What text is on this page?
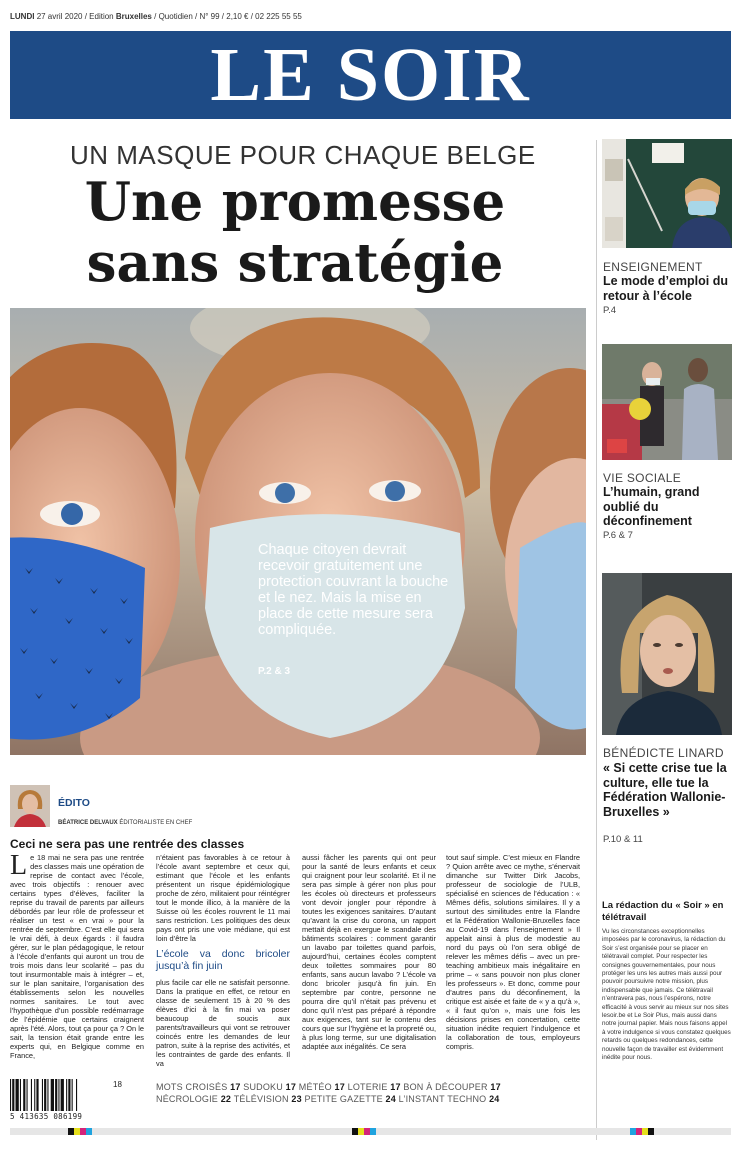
LUNDI 27 avril 2020 / Edition Bruxelles / Quotidien / N° 99 / 2,10 € / 02 225 55 55
LE SOIR
UN MASQUE POUR CHAQUE BELGE
Une promesse
sans stratégie
Chaque citoyen devrait recevoir gratuitement une protection couvrant la bouche et le nez. Mais la mise en place de cette mesure sera compliquée.
P.2 & 3
ENSEIGNEMENT
Le mode d’emploi du retour à l’école
P.4
VIE SOCIALE
L’humain, grand oublié du déconfinement
P.6 & 7
BÉNÉDICTE LINARD
« Si cette crise tue la culture, elle tue la Fédération Wallonie-Bruxelles »
P.10 & 11
La rédaction du « Soir » en télétravail
Vu les circonstances exceptionnelles imposées par le coronavirus, la rédaction du Soir s’est organisée pour se placer en télétravail complet. Pour respecter les consignes gouvernementales, pour nous protéger les uns les autres mais aussi pour pouvoir poursuivre notre mission, plus indispensable que jamais. Ce télétravail n’entravera pas, nous l’espérons, notre efficacité à vous servir au mieux sur nos sites lesoir.be et Le Soir Plus, mais aussi dans notre journal papier. Mais nous faisons appel à votre indulgence si vous constatez quelques retards ou quelques redondances, cette nouvelle façon de travailler est évidemment inédite pour nous.
ÉDITO
BÉATRICE DELVAUX ÉDITORIALISTE EN CHEF
Ceci ne sera pas une rentrée des classes
Le 18 mai ne sera pas une rentrée des classes mais une opération de reprise de contact avec l’école, avec trois objectifs : renouer avec certains types d’élèves, faciliter la reprise du travail de parents par ailleurs débordés par leur rôle de professeur et réaliser un test « en vrai » pour la rentrée de septembre. C’est elle qui sera le vrai défi, à deux égards : il faudra gérer, sur le plan pédagogique, le retour à l’école d’enfants qui auront un trou de trois mois dans leur scolarité – pas du tout insurmontable mais à intégrer – et, sur le plan sanitaire, l’organisation des établissements selon les nouvelles normes sanitaires. Le tout avec l’hypothèque d’un possible redémarrage de l’épidémie que certains craignent après l’été. Alors, tout ça pour ça ? On le sait, la tension était grande entre les experts qui, en Belgique comme en France,
n’étaient pas favorables à ce retour à l’école avant septembre et ceux qui, estimant que l’école et les enfants présentent un risque épidémiologique proche de zéro, militaient pour réintégrer tout le monde illico, à la manière de la Suisse où les écoles rouvrent le 11 mai sans restriction. Les politiques des deux pays ont pris une voie médiane, qui est loin d’être la
L’école va donc bricoler jusqu’à fin juin
plus facile car elle ne satisfait personne. Dans la pratique en effet, ce retour en classe de seulement 15 à 20 % des élèves d’ici à la fin mai va poser beaucoup de soucis aux parents/travailleurs qui vont se retrouver coincés entre les demandes de leur patron, suite à la reprise des activités, et les contraintes de garde des enfants. Il va
aussi fâcher les parents qui ont peur pour la santé de leurs enfants et ceux qui craignent pour leur scolarité. Et il ne sera pas simple à gérer non plus pour les écoles où directeurs et professeurs vont devoir jongler pour répondre à toutes les exigences sanitaires. D’autant qu’avant la crise du corona, un rapport mettait déjà en exergue le scandale des bâtiments scolaires : comment garantir un lavabo par toilettes quand parfois, aujourd’hui, certaines écoles comptent deux toilettes sommaires pour 80 enfants, sans aucun lavabo ? L’école va donc bricoler jusqu’à fin juin. En septembre par contre, personne ne pourra dire qu’il n’était pas prévenu et donc qu’il n’est pas préparé à répondre aux exigences, tant sur le contenu des cours que sur l’hygiène et la propreté ou, à plus long terme, sur une digitalisation adaptée aux inégalités. Ce sera
tout sauf simple. C’est mieux en Flandre ? Quion arrête avec ce mythe, s’énervait dimanche sur Twitter Dirk Jacobs, professeur de sociologie de l’ULB, spécialisé en sciences de l’éducation : « Mêmes défis, solutions similaires. Il y a surtout des similitudes entre la Flandre et la Fédération Wallonie-Bruxelles face au Covid-19 dans l’enseignement » Il appelait ainsi à plus de modestie au nord du pays où l’on sera obligé de relever les mêmes défis – avec un pre-teaching ambitieux mais inégalitaire en prime – « sans pouvoir non plus cloner les professeurs ». Et donc, comme pour d’autres pans du déconfinement, la critique est aisée et faite de « y a qu’à », « il faut qu’on », mais une fois les décisions prises en concertation, cette situation inédite requiert l’indulgence et la collaboration de tous, employeurs compris.
MOTS CROISÉS 17 SUDOKU 17 MÉTÉO 17 LOTERIE 17 BON À DÉCOUPER 17
NÉCROLOGIE 22 TÉLÉVISION 23 PETITE GAZETTE 24 L’INSTANT TECHNO 24
18
5 413635 086199
